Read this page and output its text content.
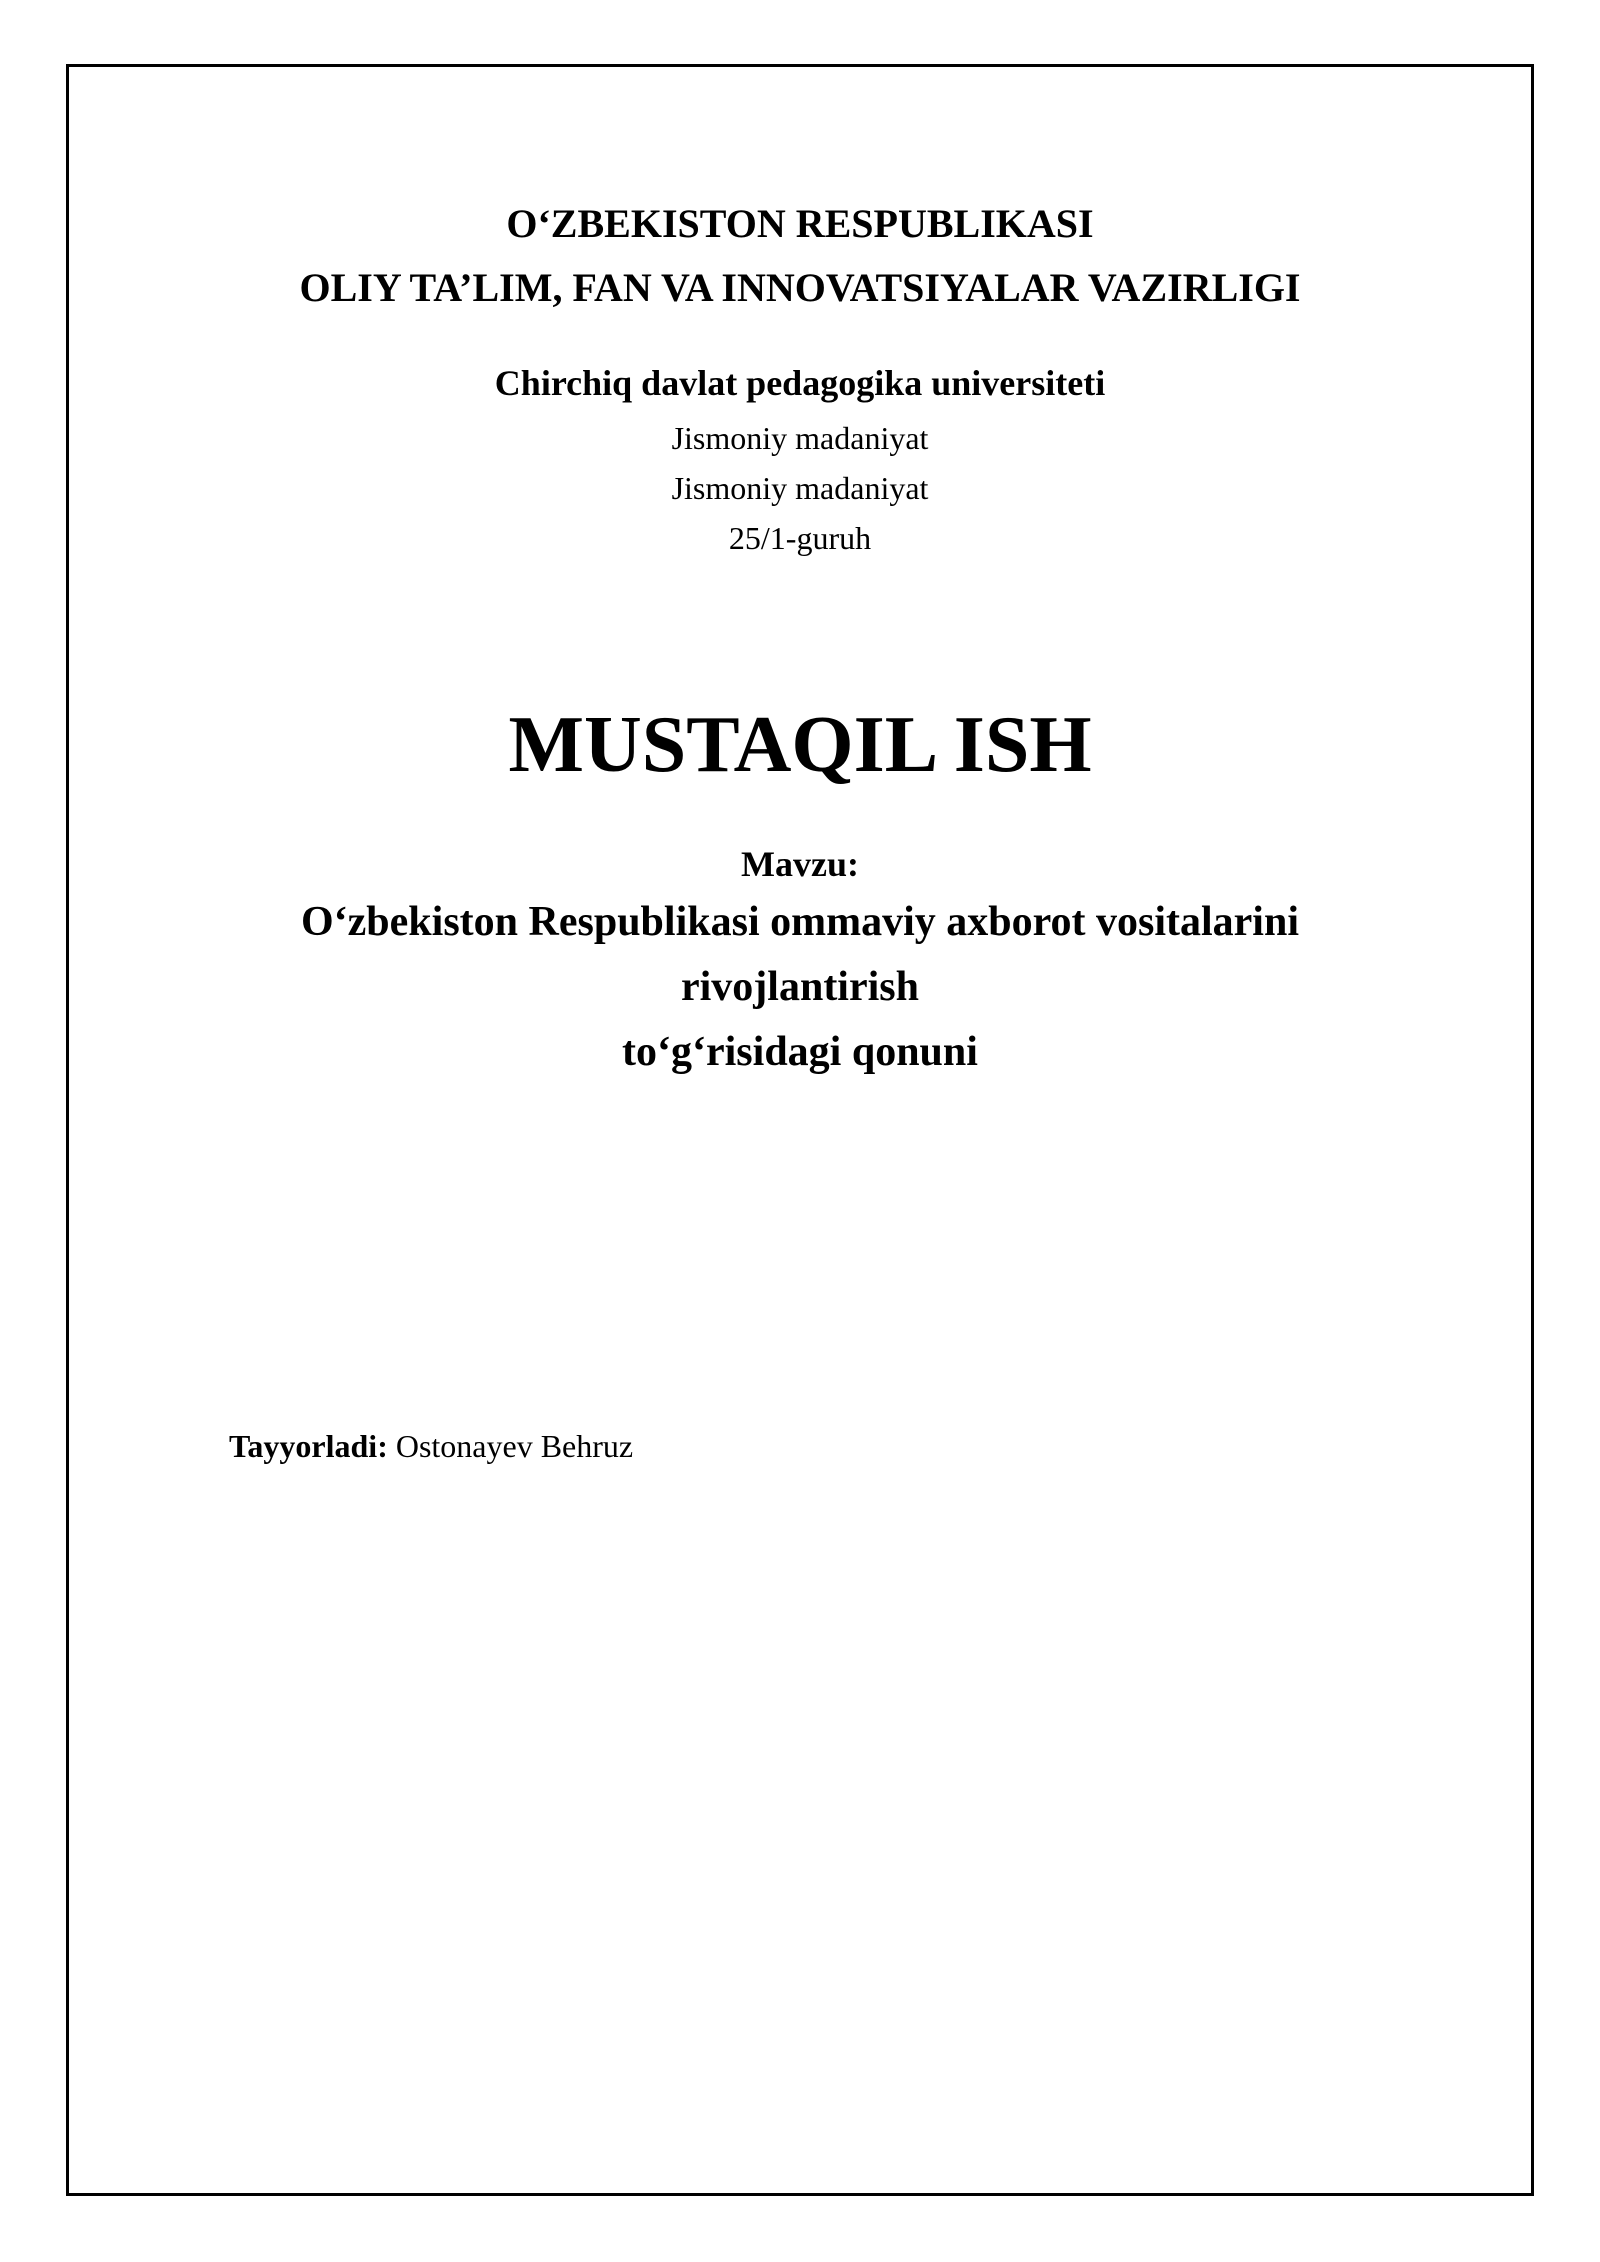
O‘ZBEKISTON RESPUBLIKASI
OLIY TA’LIM, FAN VA INNOVATSIYALAR VAZIRLIGI
Chirchiq davlat pedagogika universiteti
Jismoniy madaniyat
Jismoniy madaniyat
25/1-guruh
MUSTAQIL ISH
Mavzu:
O‘zbekiston Respublikasi ommaviy axborot vositalarini
rivojlantirish
to‘g‘risidagi qonuni
Tayyorladi: Ostonayev Behruz
